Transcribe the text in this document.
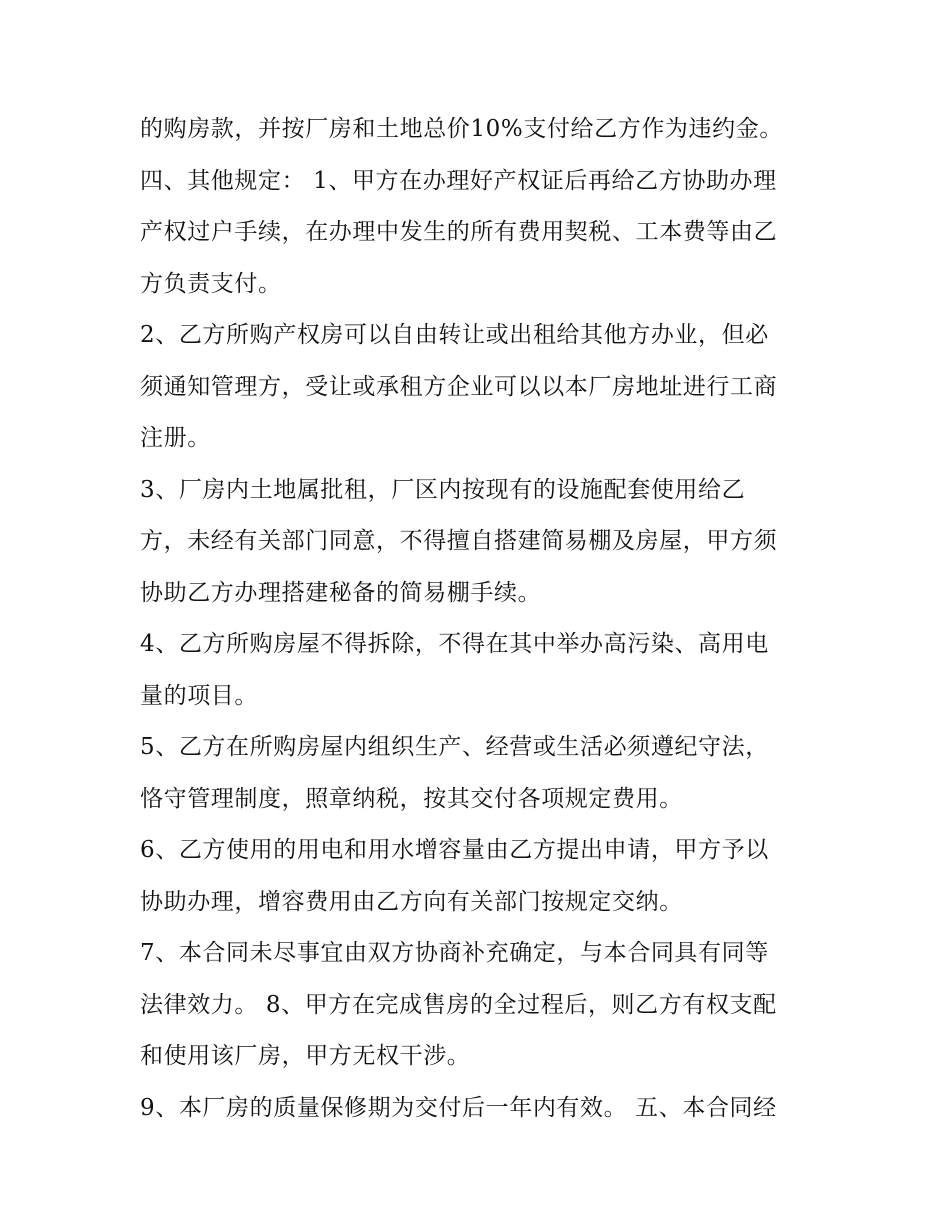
的购房款，并按厂房和土地总价10%支付给乙方作为违约金。
四、其他规定： 1、甲方在办理好产权证后再给乙方协助办理
产权过户手续，在办理中发生的所有费用契税、工本费等由乙
方负责支付。
2、乙方所购产权房可以自由转让或出租给其他方办业，但必
须通知管理方，受让或承租方企业可以以本厂房地址进行工商
注册。
3、厂房内土地属批租，厂区内按现有的设施配套使用给乙
方，未经有关部门同意，不得擅自搭建简易棚及房屋，甲方须
协助乙方办理搭建秘备的简易棚手续。
4、乙方所购房屋不得拆除，不得在其中举办高污染、高用电
量的项目。
5、乙方在所购房屋内组织生产、经营或生活必须遵纪守法，
恪守管理制度，照章纳税，按其交付各项规定费用。
6、乙方使用的用电和用水增容量由乙方提出申请，甲方予以
协助办理，增容费用由乙方向有关部门按规定交纳。
7、本合同未尽事宜由双方协商补充确定，与本合同具有同等
法律效力。 8、甲方在完成售房的全过程后，则乙方有权支配
和使用该厂房，甲方无权干涉。
9、本厂房的质量保修期为交付后一年内有效。 五、本合同经
